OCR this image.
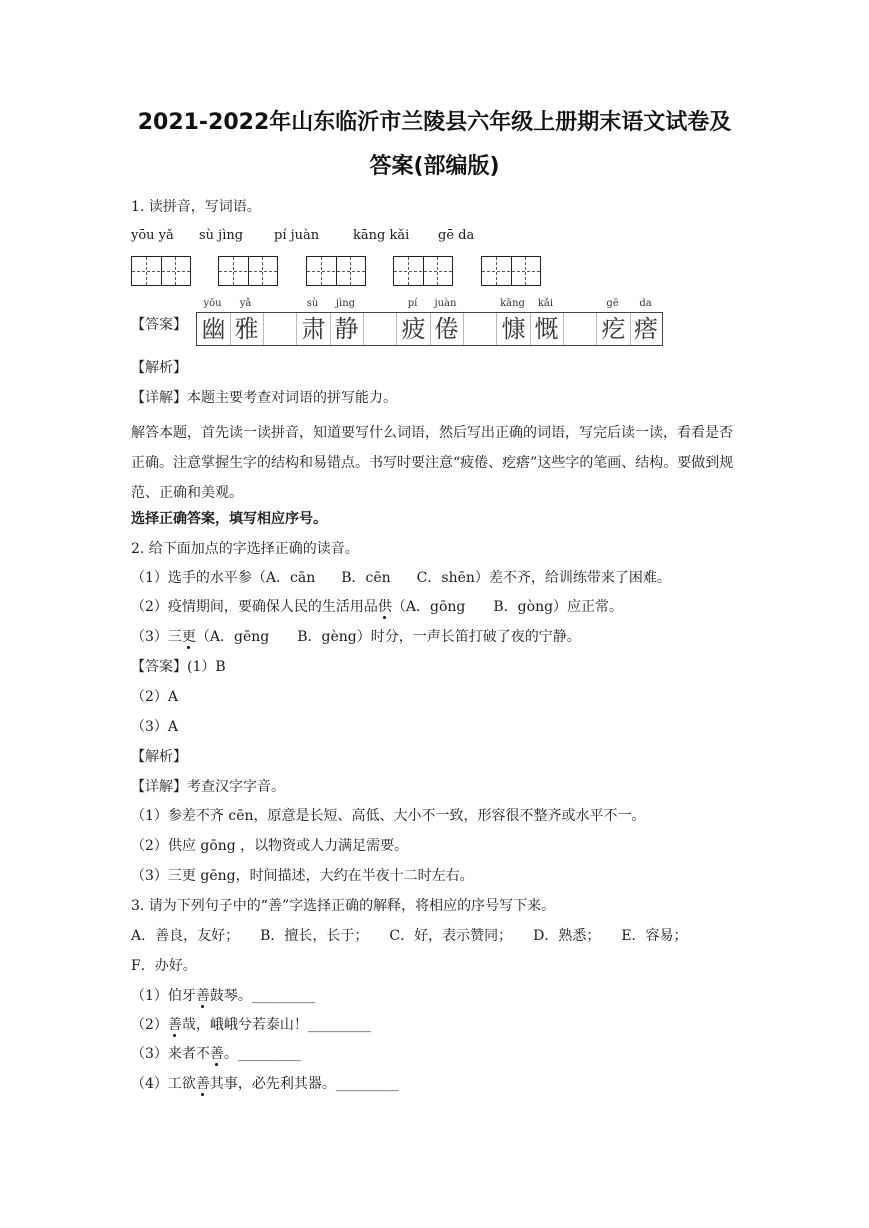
2021-2022年山东临沂市兰陵县六年级上册期末语文试卷及
答案(部编版)
1. 读拼音，写词语。
yōu yǎ sù jìng pí juàn	kāng kǎi gē da
yōu	yǎ	sù	jìng	pí	juàn	kāng	kǎi	gē	da
【答案】 幽 雅 肃 静 疲 倦 慷 慨 疙 瘩
【解析】
【详解】本题主要考查对词语的拼写能力。
解答本题，首先读一读拼音，知道要写什么词语，然后写出正确的词语，写完后读一读，看看是否正确。注意掌握生字的结构和易错点。书写时要注意“疲倦、疙瘩”这些字的笔画、结构。要做到规范、正确和美观。
选择正确答案，填写相应序号。
2. 给下面加点的字选择正确的读音。
（1）选手的水平参（A．cān B．cēn C．shēn）差不齐，给训练带来了困难。
（2）疫情期间，要确保人民的生活用品供（A．gōng　　B．gòng）应正常。
（3）三更（A．gēng　　B．gèng）时分，一声长笛打破了夜的宁静。
【答案】(1）B
（2）A
（3）A
【解析】
【详解】考查汉字字音。
（1）参差不齐 cēn，原意是长短、高低、大小不一致，形容很不整齐或水平不一。
（2）供应 gōng ，以物资或人力满足需要。
（3）三更 gēng，时间描述，大约在半夜十二时左右。
3. 请为下列句子中的“善”字选择正确的解释，将相应的序号写下来。
A．善良，友好；　　B．擅长，长于；　　C．好，表示赞同；　　D．熟悉；　　E．容易；
F．办好。
（1）伯牙善鼓琴。_________
（2）善哉，峨峨兮若泰山！_________
（3）来者不善。_________
（4）工欲善其事，必先利其器。_________
